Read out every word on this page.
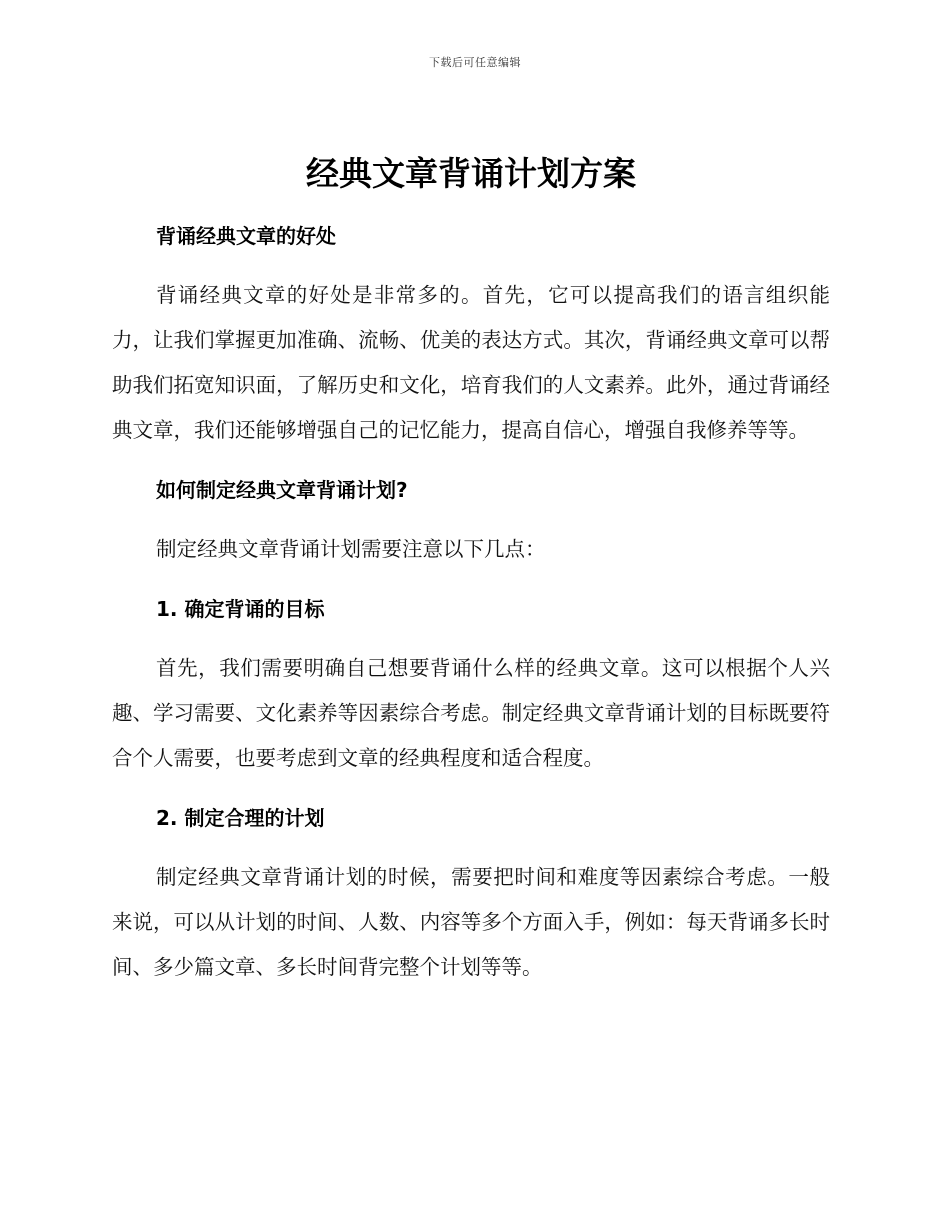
下载后可任意编辑
经典文章背诵计划方案
背诵经典文章的好处

背诵经典文章的好处是非常多的。首先，它可以提高我们的语言组织能力，让我们掌握更加准确、流畅、优美的表达方式。其次，背诵经典文章可以帮助我们拓宽知识面，了解历史和文化，培育我们的人文素养。此外，通过背诵经典文章，我们还能够增强自己的记忆能力，提高自信心，增强自我修养等等。

如何制定经典文章背诵计划?

制定经典文章背诵计划需要注意以下几点：

1. 确定背诵的目标

首先，我们需要明确自己想要背诵什么样的经典文章。这可以根据个人兴趣、学习需要、文化素养等因素综合考虑。制定经典文章背诵计划的目标既要符合个人需要，也要考虑到文章的经典程度和适合程度。

2. 制定合理的计划

制定经典文章背诵计划的时候，需要把时间和难度等因素综合考虑。一般来说，可以从计划的时间、人数、内容等多个方面入手，例如：每天背诵多长时间、多少篇文章、多长时间背完整个计划等等。
